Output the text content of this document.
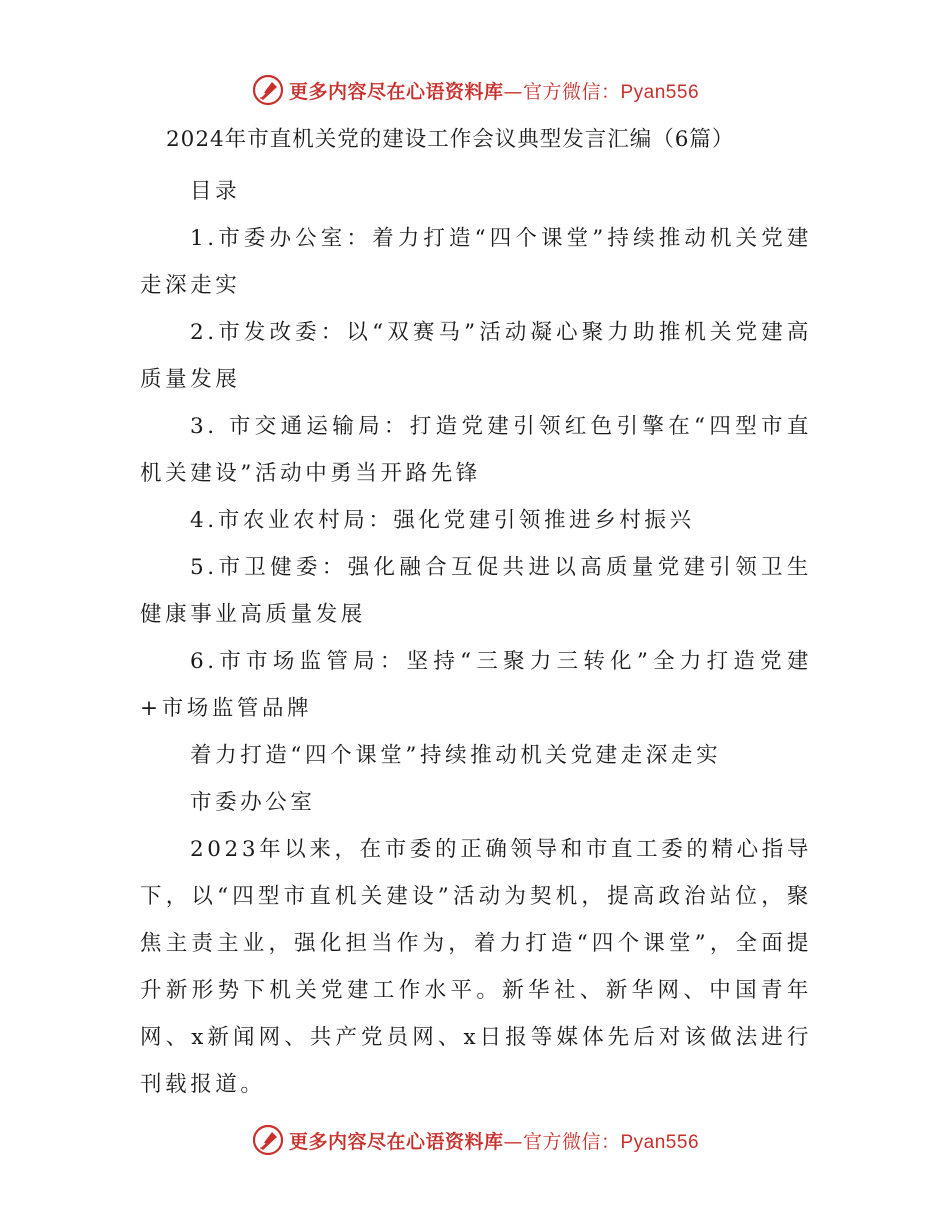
更多内容尽在心语资料库—官方微信：Pyan556
2024年市直机关党的建设工作会议典型发言汇编（6篇）

目录

1.市委办公室：着力打造“四个课堂”持续推动机关党建走深走实

2.市发改委：以“双赛马”活动凝心聚力助推机关党建高质量发展

3. 市交通运输局：打造党建引领红色引擎在“四型市直机关建设”活动中勇当开路先锋

4.市农业农村局：强化党建引领推进乡村振兴

5.市卫健委：强化融合互促共进以高质量党建引领卫生健康事业高质量发展

6.市市场监管局：坚持“三聚力三转化”全力打造党建+市场监管品牌

着力打造“四个课堂”持续推动机关党建走深走实

市委办公室

2023年以来，在市委的正确领导和市直工委的精心指导下，以“四型市直机关建设”活动为契机，提高政治站位，聚焦主责主业，强化担当作为，着力打造“四个课堂”，全面提升新形势下机关党建工作水平。新华社、新华网、中国青年网、x新闻网、共产党员网、x日报等媒体先后对该做法进行刊载报道。

更多内容尽在心语资料库—官方微信：Pyan556
